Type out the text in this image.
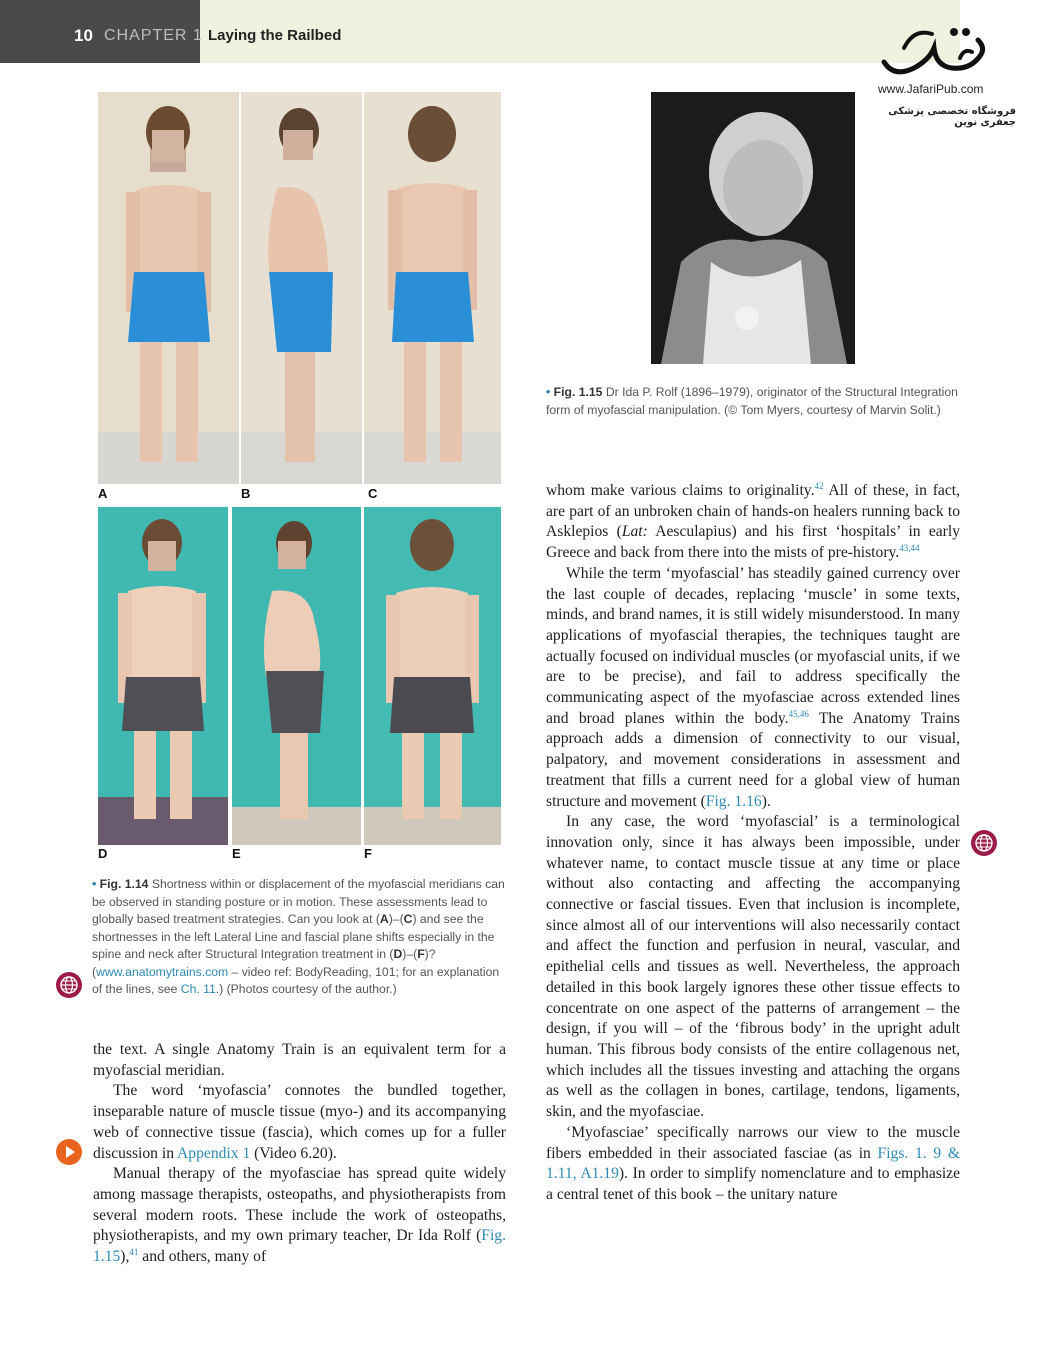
10 CHAPTER 1 Laying the Railbed
www.JafariPub.com
فروشگاه تخصصی پزشکی جعفری نوین
A	B	C
D	E	F
• Fig. 1.14 Shortness within or displacement of the myofascial meridians can be observed in standing posture or in motion. These assessments lead to globally based treatment strategies. Can you look at (A)–(C) and see the shortnesses in the left Lateral Line and fascial plane shifts especially in the spine and neck after Structural Integration treatment in (D)–(F)? (www.anatomytrains.com – video ref: BodyReading, 101; for an explanation of the lines, see Ch. 11.) (Photos courtesy of the author.)

the text. A single Anatomy Train is an equivalent term for a myofascial meridian.

The word ‘myofascia’ connotes the bundled together, inseparable nature of muscle tissue (myo-) and its accompanying web of connective tissue (fascia), which comes up for a fuller discussion in Appendix 1 (Video 6.20).

Manual therapy of the myofasciae has spread quite widely among massage therapists, osteopaths, and physiotherapists from several modern roots. These include the work of osteopaths, physiotherapists, and my own primary teacher, Dr Ida Rolf (Fig. 1.15),$^{41}$ and others, many of

• Fig. 1.15 Dr Ida P. Rolf (1896–1979), originator of the Structural Integration form of myofascial manipulation. (© Tom Myers, courtesy of Marvin Solit.)

whom make various claims to originality.$^{42}$ All of these, in fact, are part of an unbroken chain of hands-on healers running back to Asklepios (Lat: Aesculapius) and his first ‘hospitals’ in early Greece and back from there into the mists of pre-history.$^{43,44}$

While the term ‘myofascial’ has steadily gained currency over the last couple of decades, replacing ‘muscle’ in some texts, minds, and brand names, it is still widely misunderstood. In many applications of myofascial therapies, the techniques taught are actually focused on individual muscles (or myofascial units, if we are to be precise), and fail to address specifically the communicating aspect of the myofasciae across extended lines and broad planes within the body.$^{45,46}$ The Anatomy Trains approach adds a dimension of connectivity to our visual, palpatory, and movement considerations in assessment and treatment that fills a current need for a global view of human structure and movement (Fig. 1.16).

In any case, the word ‘myofascial’ is a terminological innovation only, since it has always been impossible, under whatever name, to contact muscle tissue at any time or place without also contacting and affecting the accompanying connective or fascial tissues. Even that inclusion is incomplete, since almost all of our interventions will also necessarily contact and affect the function and perfusion in neural, vascular, and epithelial cells and tissues as well. Nevertheless, the approach detailed in this book largely ignores these other tissue effects to concentrate on one aspect of the patterns of arrangement – the design, if you will – of the ‘fibrous body’ in the upright adult human. This fibrous body consists of the entire collagenous net, which includes all the tissues investing and attaching the organs as well as the collagen in bones, cartilage, tendons, ligaments, skin, and the myofasciae.

‘Myofasciae’ specifically narrows our view to the muscle fibers embedded in their associated fasciae (as in Figs. 1. 9 & 1.11, A1.19). In order to simplify nomenclature and to emphasize a central tenet of this book – the unitary nature
